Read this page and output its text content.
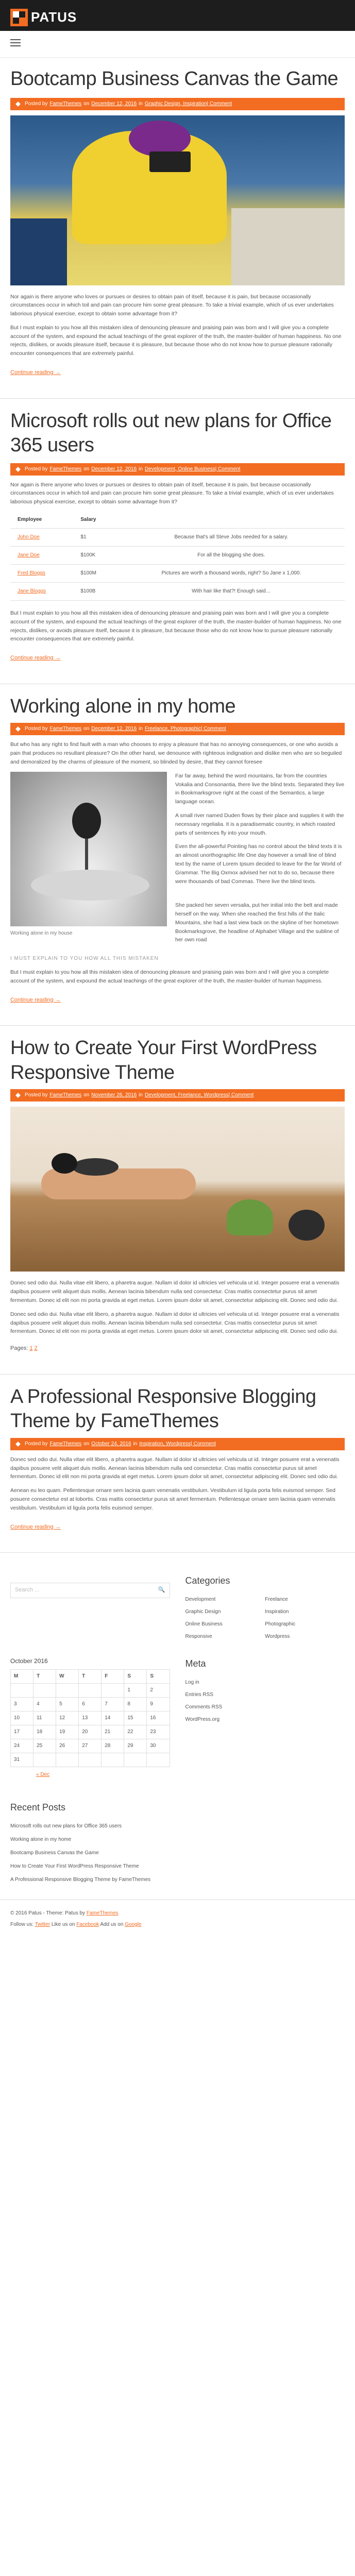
PATUS
Bootcamp Business Canvas the Game
Posted by FameThemes on December 12, 2016 in Graphic Design, Inspiration| Comment

Nor again is there anyone who loves or pursues or desires to obtain pain of itself, because it is pain, but because occasionally circumstances occur in which toil and pain can procure him some great pleasure. To take a trivial example, which of us ever undertakes laborious physical exercise, except to obtain some advantage from it?

But I must explain to you how all this mistaken idea of denouncing pleasure and praising pain was born and I will give you a complete account of the system, and expound the actual teachings of the great explorer of the truth, the master-builder of human happiness. No one rejects, dislikes, or avoids pleasure itself, because it is pleasure, but because those who do not know how to pursue pleasure rationally encounter consequences that are extremely painful.

Continue reading →
Microsoft rolls out new plans for Office 365 users
Posted by FameThemes on December 12, 2016 in Development, Online Business| Comment

Nor again is there anyone who loves or pursues or desires to obtain pain of itself, because it is pain, but because occasionally circumstances occur in which toil and pain can procure him some great pleasure. To take a trivial example, which of us ever undertakes laborious physical exercise, except to obtain some advantage from it?

Employee	Salary	
John Doe	$1	Because that's all Steve Jobs needed for a salary.
Jane Doe	$100K	For all the blogging she does.
Fred Bloggs	$100M	Pictures are worth a thousand words, right? So Jane x 1,000.
Jane Bloggs	$100B	With hair like that?! Enough said…

But I must explain to you how all this mistaken idea of denouncing pleasure and praising pain was born and I will give you a complete account of the system, and expound the actual teachings of the great explorer of the truth, the master-builder of human happiness. No one rejects, dislikes, or avoids pleasure itself, because it is pleasure, but because those who do not know how to pursue pleasure rationally encounter consequences that are extremely painful.

Continue reading →
Working alone in my home
Posted by FameThemes on December 12, 2016 in Freelance, Photographic| Comment

But who has any right to find fault with a man who chooses to enjoy a pleasure that has no annoying consequences, or one who avoids a pain that produces no resultant pleasure? On the other hand, we denounce with righteous indignation and dislike men who are so beguiled and demoralized by the charms of pleasure of the moment, so blinded by desire, that they cannot foresee

Working alone in my house

Far far away, behind the word mountains, far from the countries Vokalia and Consonantia, there live the blind texts. Separated they live in Bookmarksgrove right at the coast of the Semantics, a large language ocean.

A small river named Duden flows by their place and supplies it with the necessary regelialia. It is a paradisematic country, in which roasted parts of sentences fly into your mouth.

Even the all-powerful Pointing has no control about the blind texts it is an almost unorthographic life One day however a small line of blind text by the name of Lorem Ipsum decided to leave for the far World of Grammar. The Big Oxmox advised her not to do so, because there were thousands of bad Commas. There live the blind texts.

She packed her seven versalia, put her initial into the belt and made herself on the way. When she reached the first hills of the Italic Mountains, she had a last view back on the skyline of her hometown Bookmarksgrove, the headline of Alphabet Village and the subline of her own road

I MUST EXPLAIN TO YOU HOW ALL THIS MISTAKEN

But I must explain to you how all this mistaken idea of denouncing pleasure and praising pain was born and I will give you a complete account of the system, and expound the actual teachings of the great explorer of the truth, the master-builder of human happiness.

Continue reading →
How to Create Your First WordPress Responsive Theme
Posted by FameThemes on November 26, 2016 in Development, Freelance, Wordpress| Comment

Donec sed odio dui. Nulla vitae elit libero, a pharetra augue. Nullam id dolor id ultricies vel vehicula ut id. Integer posuere erat a venenatis dapibus posuere velit aliquet duis mollis. Aenean lacinia bibendum nulla sed consectetur. Cras mattis consectetur purus sit amet fermentum. Donec id elit non mi porta gravida at eget metus. Lorem ipsum dolor sit amet, consectetur adipiscing elit. Donec sed odio dui.

Donec sed odio dui. Nulla vitae elit libero, a pharetra augue. Nullam id dolor id ultricies vel vehicula ut id. Integer posuere erat a venenatis dapibus posuere velit aliquet duis mollis. Aenean lacinia bibendum nulla sed consectetur. Cras mattis consectetur purus sit amet fermentum. Donec id elit non mi porta gravida at eget metus. Lorem ipsum dolor sit amet, consectetur adipiscing elit. Donec sed odio dui.

Pages: 1 2
A Professional Responsive Blogging Theme by FameThemes
Posted by FameThemes on October 24, 2016 in Inspiration, Wordpress| Comment

Donec sed odio dui. Nulla vitae elit libero, a pharetra augue. Nullam id dolor id ultricies vel vehicula ut id. Integer posuere erat a venenatis dapibus posuere velit aliquet duis mollis. Aenean lacinia bibendum nulla sed consectetur. Cras mattis consectetur purus sit amet fermentum. Donec id elit non mi porta gravida at eget metus. Lorem ipsum dolor sit amet, consectetur adipiscing elit. Donec sed odio dui.

Aenean eu leo quam. Pellentesque ornare sem lacinia quam venenatis vestibulum. Vestibulum id ligula porta felis euismod semper. Sed posuere consectetur est at lobortis. Cras mattis consectetur purus sit amet fermentum. Pellentesque ornare sem lacinia quam venenatis vestibulum. Vestibulum id ligula porta felis euismod semper.

Continue reading →
Search ...	🔍
Categories
Development	Freelance
Graphic Design	Inspiration
Online Business	Photographic
Responsive	Wordpress
October 2016
M	T	W	T	F	S	S
					1	2
3	4	5	6	7	8	9
10	11	12	13	14	15	16
17	18	19	20	21	22	23
24	25	26	27	28	29	30
31						
« Dec
Meta
Log in
Entries RSS
Comments RSS
WordPress.org
Recent Posts
Microsoft rolls out new plans for Office 365 users
Working alone in my home
Bootcamp Business Canvas the Game
How to Create Your First WordPress Responsive Theme
A Professional Responsive Blogging Theme by FameThemes

© 2016 Patus - Theme: Patus by FameThemes

Follow us: Twitter Like us on Facebook Add us on Google
